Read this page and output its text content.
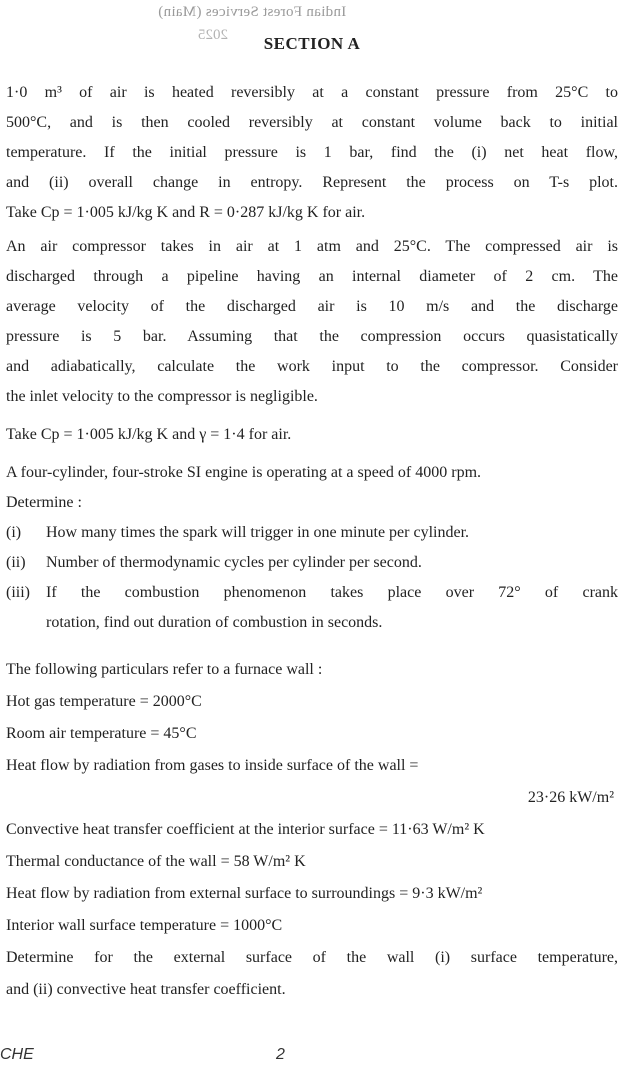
Indian Forest Services (Main)
2025	SECTION A

1·0 m³ of air is heated reversibly at a constant pressure from 25°C to

500°C, and is then cooled reversibly at constant volume back to initial

temperature. If the initial pressure is 1 bar, find the (i) net heat flow,

and (ii) overall change in entropy. Represent the process on T-s plot.

Take Cp = 1·005 kJ/kg K and R = 0·287 kJ/kg K for air.

An air compressor takes in air at 1 atm and 25°C. The compressed air is

discharged through a pipeline having an internal diameter of 2 cm. The

average velocity of the discharged air is 10 m/s and the discharge

pressure is 5 bar. Assuming that the compression occurs quasistatically

and adiabatically, calculate the work input to the compressor. Consider

the inlet velocity to the compressor is negligible.

Take Cp = 1·005 kJ/kg K and γ = 1·4 for air.

A four-cylinder, four-stroke SI engine is operating at a speed of 4000 rpm.

Determine :

(i) How many times the spark will trigger in one minute per cylinder.

(ii) Number of thermodynamic cycles per cylinder per second.

(iii) If the combustion phenomenon takes place over 72° of crank

rotation, find out duration of combustion in seconds.

The following particulars refer to a furnace wall :

Hot gas temperature = 2000°C

Room air temperature = 45°C

Heat flow by radiation from gases to inside surface of the wall =

23·26 kW/m²

Convective heat transfer coefficient at the interior surface = 11·63 W/m² K

Thermal conductance of the wall = 58 W/m² K

Heat flow by radiation from external surface to surroundings = 9·3 kW/m²

Interior wall surface temperature = 1000°C

Determine for the external surface of the wall (i) surface temperature,

and (ii) convective heat transfer coefficient.

CHE	2
